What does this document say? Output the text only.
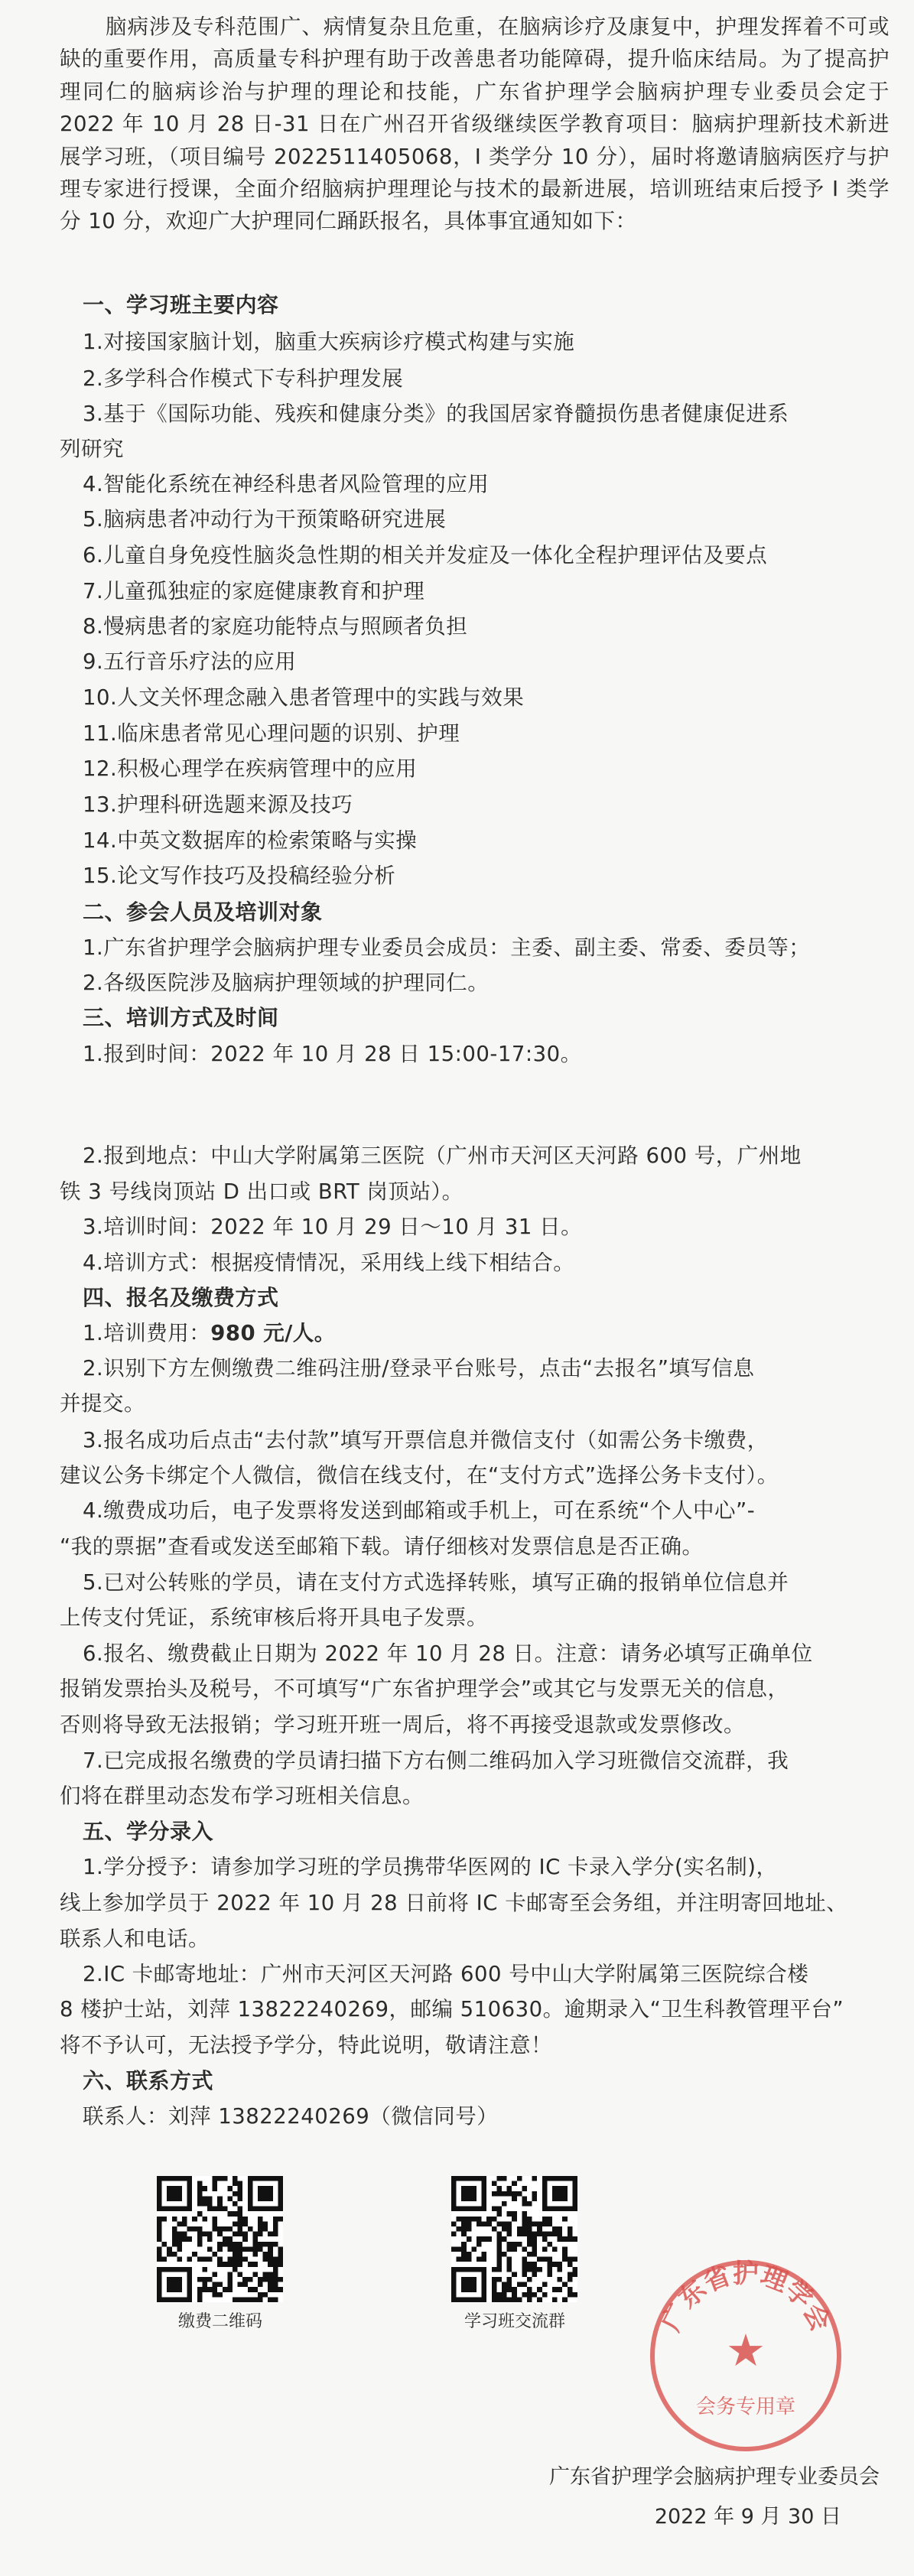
脑病涉及专科范围广、病情复杂且危重，在脑病诊疗及康复中，护理发挥着不可或缺的重要作用，高质量专科护理有助于改善患者功能障碍，提升临床结局。为了提高护理同仁的脑病诊治与护理的理论和技能，广东省护理学会脑病护理专业委员会定于 2022 年 10 月 28 日-31 日在广州召开省级继续医学教育项目：脑病护理新技术新进展学习班，（项目编号 2022511405068，I 类学分 10 分），届时将邀请脑病医疗与护理专家进行授课，全面介绍脑病护理理论与技术的最新进展，培训班结束后授予 I 类学分 10 分，欢迎广大护理同仁踊跃报名，具体事宜通知如下：

一、学习班主要内容

1.对接国家脑计划，脑重大疾病诊疗模式构建与实施

2.多学科合作模式下专科护理发展

3.基于《国际功能、残疾和健康分类》的我国居家脊髓损伤患者健康促进系

列研究

4.智能化系统在神经科患者风险管理的应用

5.脑病患者冲动行为干预策略研究进展

6.儿童自身免疫性脑炎急性期的相关并发症及一体化全程护理评估及要点

7.儿童孤独症的家庭健康教育和护理

8.慢病患者的家庭功能特点与照顾者负担

9.五行音乐疗法的应用

10.人文关怀理念融入患者管理中的实践与效果

11.临床患者常见心理问题的识别、护理

12.积极心理学在疾病管理中的应用

13.护理科研选题来源及技巧

14.中英文数据库的检索策略与实操

15.论文写作技巧及投稿经验分析

二、参会人员及培训对象

1.广东省护理学会脑病护理专业委员会成员：主委、副主委、常委、委员等；

2.各级医院涉及脑病护理领域的护理同仁。

三、培训方式及时间

1.报到时间：2022 年 10 月 28 日 15:00-17:30。

2.报到地点：中山大学附属第三医院（广州市天河区天河路 600 号，广州地

铁 3 号线岗顶站 D 出口或 BRT 岗顶站）。

3.培训时间：2022 年 10 月 29 日～10 月 31 日。

4.培训方式：根据疫情情况，采用线上线下相结合。

四、报名及缴费方式

1.培训费用：980 元/人。

2.识别下方左侧缴费二维码注册/登录平台账号，点击“去报名”填写信息

并提交。

3.报名成功后点击“去付款”填写开票信息并微信支付（如需公务卡缴费，

建议公务卡绑定个人微信，微信在线支付，在“支付方式”选择公务卡支付）。

4.缴费成功后，电子发票将发送到邮箱或手机上，可在系统“个人中心”-

“我的票据”查看或发送至邮箱下载。请仔细核对发票信息是否正确。

5.已对公转账的学员，请在支付方式选择转账，填写正确的报销单位信息并

上传支付凭证，系统审核后将开具电子发票。

6.报名、缴费截止日期为 2022 年 10 月 28 日。注意：请务必填写正确单位

报销发票抬头及税号，不可填写“广东省护理学会”或其它与发票无关的信息，

否则将导致无法报销；学习班开班一周后，将不再接受退款或发票修改。

7.已完成报名缴费的学员请扫描下方右侧二维码加入学习班微信交流群，我

们将在群里动态发布学习班相关信息。

五、学分录入

1.学分授予：请参加学习班的学员携带华医网的 IC 卡录入学分(实名制)，

线上参加学员于 2022 年 10 月 28 日前将 IC 卡邮寄至会务组，并注明寄回地址、

联系人和电话。

2.IC 卡邮寄地址：广州市天河区天河路 600 号中山大学附属第三医院综合楼

8 楼护士站，刘萍 13822240269，邮编 510630。逾期录入“卫生科教管理平台”

将不予认可，无法授予学分，特此说明，敬请注意！

六、联系方式

联系人：刘萍 13822240269（微信同号）

缴费二维码	学习班交流群	广东省护理学会
★
会务专用章
广东省护理学会脑病护理专业委员会
2022 年 9 月 30 日
